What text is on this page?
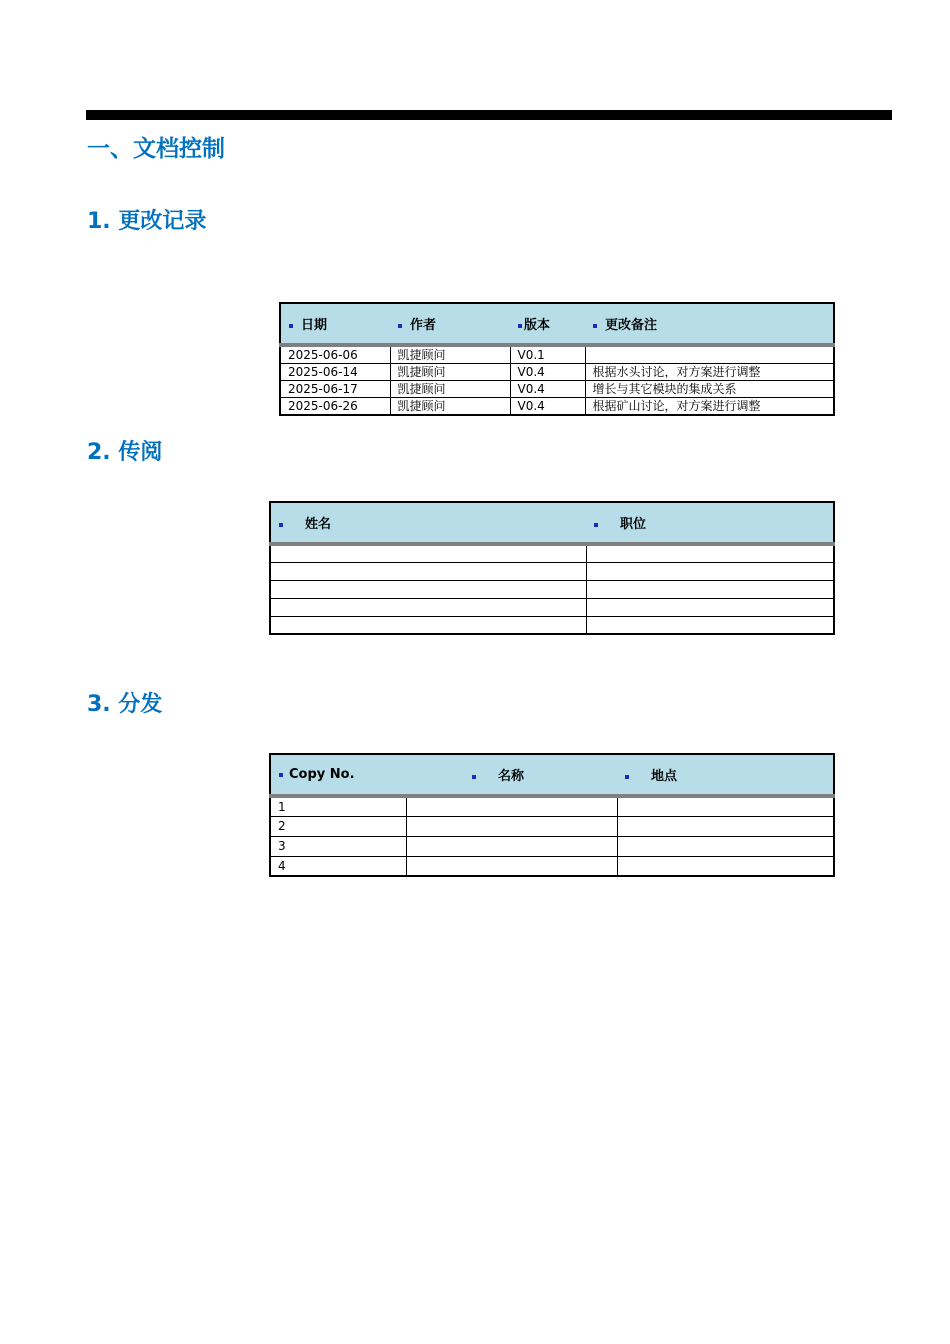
一、文档控制
1. 更改记录
日期	作者	版本	更改备注
2025-06-06	凯捷顾问	V0.1	
2025-06-14	凯捷顾问	V0.4	根据水头讨论，对方案进行调整
2025-06-17	凯捷顾问	V0.4	增长与其它模块的集成关系
2025-06-26	凯捷顾问	V0.4	根据矿山讨论，对方案进行调整
2. 传阅
姓名	职位

3. 分发
Copy No.	名称	地点
1		
2		
3		
4		
